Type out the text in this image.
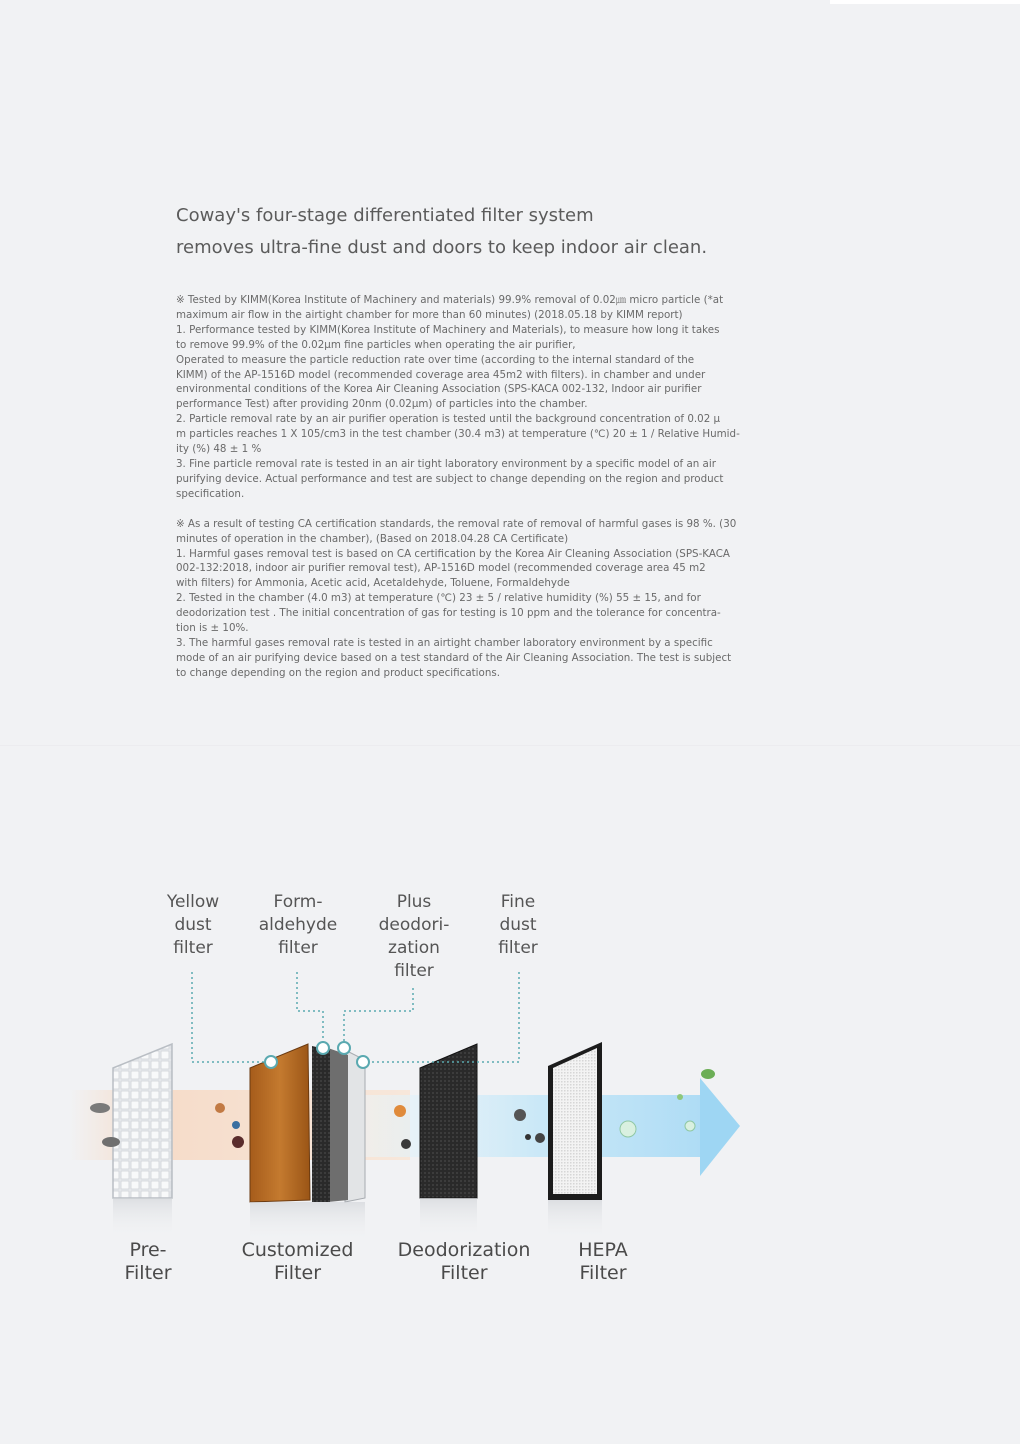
Coway's four-stage differentiated filter system
removes ultra-fine dust and doors to keep indoor air clean.

※ Tested by KIMM(Korea Institute of Machinery and materials) 99.9% removal of 0.02㎛ micro particle (*at

maximum air flow in the airtight chamber for more than 60 minutes) (2018.05.18 by KIMM report)

1. Performance tested by KIMM(Korea Institute of Machinery and Materials), to measure how long it takes

to remove 99.9% of the 0.02μm fine particles when operating the air purifier,

Operated to measure the particle reduction rate over time (according to the internal standard of the

KIMM) of the AP-1516D model (recommended coverage area 45m2 with filters). in chamber and under

environmental conditions of the Korea Air Cleaning Association (SPS-KACA 002-132, Indoor air purifier

performance Test) after providing 20nm (0.02μm) of particles into the chamber.

2. Particle removal rate by an air purifier operation is tested until the background concentration of 0.02 μ

m particles reaches 1 X 105/cm3 in the test chamber (30.4 m3) at temperature (℃) 20 ± 1 / Relative Humid-

ity (%) 48 ± 1 %

3. Fine particle removal rate is tested in an air tight laboratory environment by a specific model of an air

purifying device. Actual performance and test are subject to change depending on the region and product

specification.

※ As a result of testing CA certification standards, the removal rate of removal of harmful gases is 98 %. (30

minutes of operation in the chamber), (Based on 2018.04.28 CA Certificate)

1. Harmful gases removal test is based on CA certification by the Korea Air Cleaning Association (SPS-KACA

002-132:2018, indoor air purifier removal test), AP-1516D model (recommended coverage area 45 m2

with filters) for Ammonia, Acetic acid, Acetaldehyde, Toluene, Formaldehyde

2. Tested in the chamber (4.0 m3) at temperature (℃) 23 ± 5 / relative humidity (%) 55 ± 15, and for

deodorization test . The initial concentration of gas for testing is 10 ppm and the tolerance for concentra-

tion is ± 10%.

3. The harmful gases removal rate is tested in an airtight chamber laboratory environment by a specific

mode of an air purifying device based on a test standard of the Air Cleaning Association. The test is subject

to change depending on the region and product specifications.

Yellow
dust
filter
Form-
aldehyde
filter
Plus
deodori-
zation
filter
Fine
dust
filter
Pre-
Filter
Customized
Filter
Deodorization
Filter
HEPA
Filter
